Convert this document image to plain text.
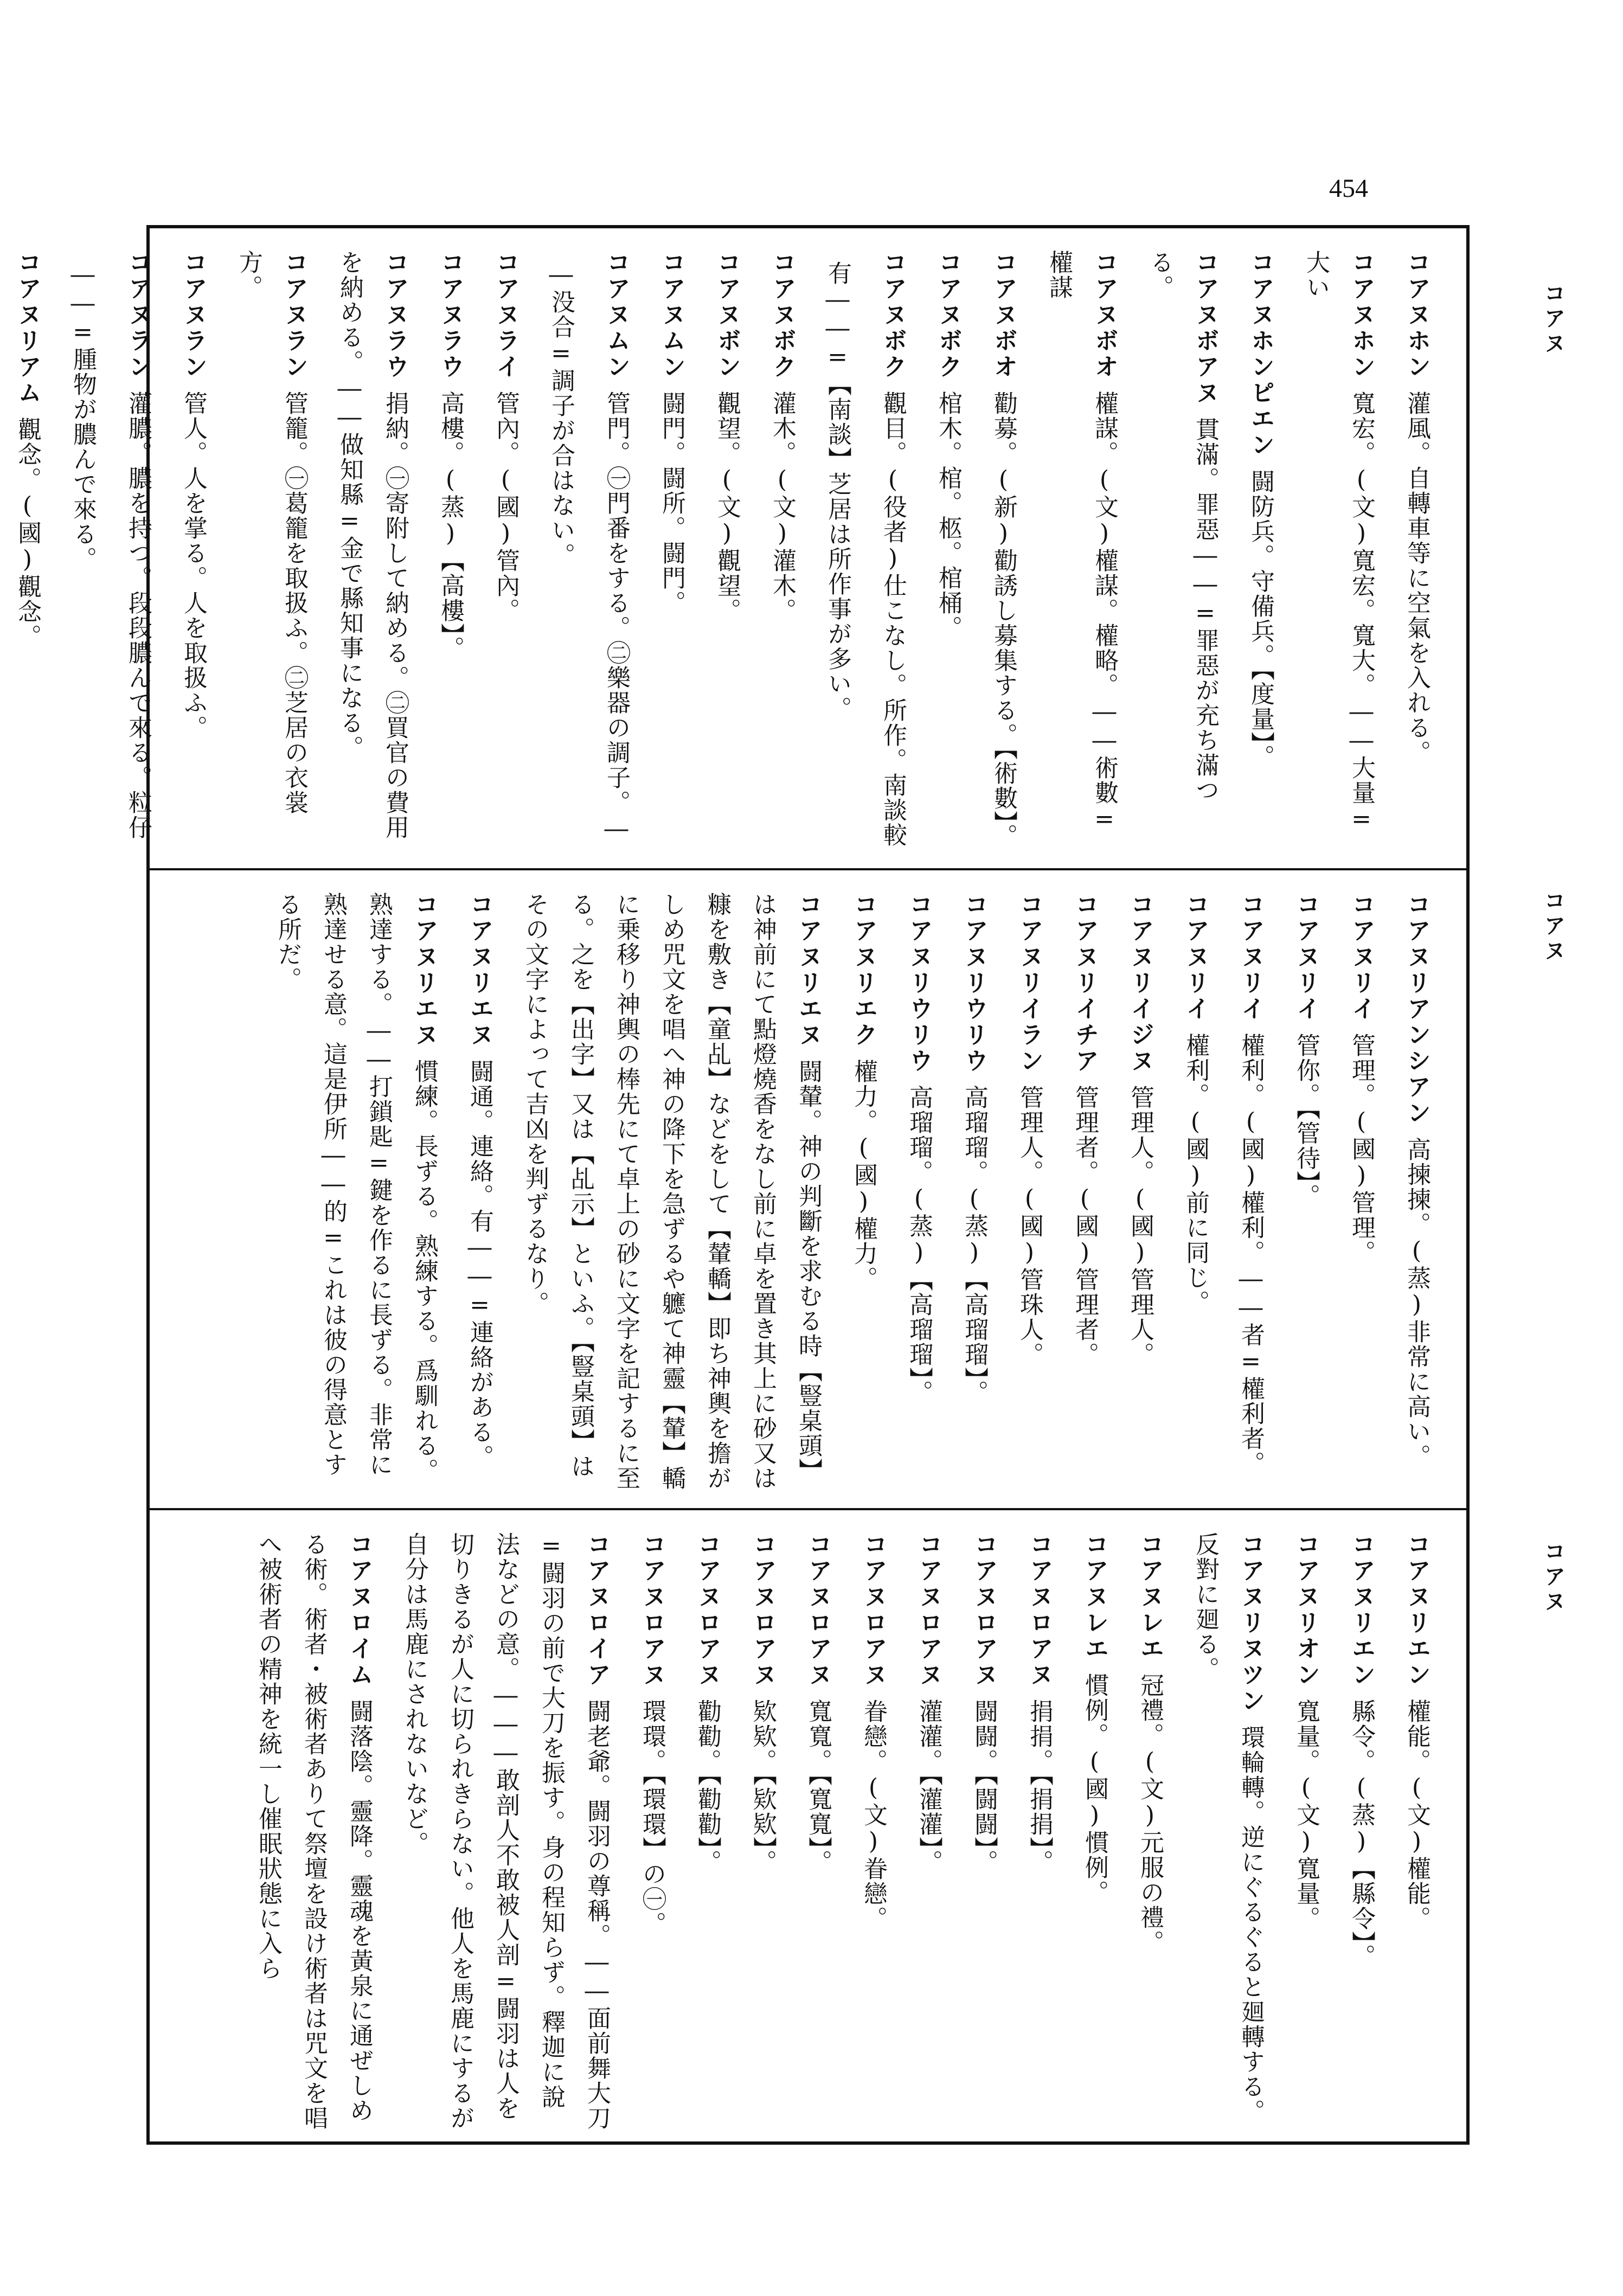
454
コアヌ
コアヌ
コアヌ
コアヌホン灌風。自轉車等に空氣を入れる。
コアヌホン寬宏。(文)寬宏。寬大。――大量=大い
コアヌホンピエン闘防兵。守備兵。【度量】。
コアヌボアヌ貫滿。罪惡――=罪惡が充ち滿つる。
コアヌボオ權謀。(文)權謀。權略。――術數=權謀
コアヌボオ勸募。(新)勸誘し募集する。【術數】。
コアヌボク棺木。棺。柩。棺桶。
コアヌボク觀目。(役者)仕こなし。所作。南談較
有――=【南談】芝居は所作事が多い。
コアヌボク灌木。(文)灌木。
コアヌボン觀望。(文)觀望。
コアヌムン闘門。闘所。闘門。
コアヌムン管門。㊀門番をする。㊁樂器の調子。―
―没合=調子が合はない。
コアヌライ管內。(國)管內。
コアヌラウ高樓。(蒸)【高樓】。
コアヌラウ捐納。㊀寄附して納める。㊁買官の費用を納める。――做知縣=金で縣知事になる。
コアヌラン管籠。㊀葛籠を取扱ふ。㊁芝居の衣裳方。
コアヌラン管人。人を掌る。人を取扱ふ。
コアヌラン灌膿。膿を持つ。段段膿んで來る。粒仔
――=腫物が膿んで來る。
コアヌリアム觀念。(國)觀念。
コアヌリアンシアン高揀揀。(蒸)非常に高い。
コアヌリイ管理。(國)管理。
コアヌリイ管你。【管待】。
コアヌリイ權利。(國)權利。――者=權利者。
コアヌリイ權利。(國)前に同じ。
コアヌリイジヌ管理人。(國)管理人。
コアヌリイチア管理者。(國)管理者。
コアヌリイラン管理人。(國)管珠人。
コアヌリウリウ高瑠瑠。(蒸)【高瑠瑠】。
コアヌリウリウ高瑠瑠。(蒸)【高瑠瑠】。
コアヌリエク權力。(國)權力。
コアヌリエヌ闘輦。神の判斷を求むる時【豎桌頭】は神前にて點燈燒香をなし前に卓を置き其上に砂又は糠を敷き【童乩】などをして【輦轎】即ち神輿を擔がしめ咒文を唱へ神の降下を急ずるや軈て神靈【輦】轎に乗移り神輿の棒先にて卓上の砂に文字を記するに至る。之を【出字】又は【乩示】といふ。【豎桌頭】はその文字によって吉凶を判ずるなり。
コアヌリエヌ闘通。連絡。有――=連絡がある。
コアヌリエヌ慣練。長ずる。熟練する。爲馴れる。熟達する。――打鎖匙=鍵を作るに長ずる。非常に熟達せる意。這是伊所――的=これは彼の得意とする所だ。
コアヌリエン權能。(文)權能。
コアヌリエン縣令。(蒸)【縣令】。
コアヌリオン寬量。(文)寬量。
コアヌリヌツン環輪轉。逆にぐるぐると廻轉する。反對に廻る。
コアヌレエ冠禮。(文)元服の禮。
コアヌレエ慣例。(國)慣例。
コアヌロアヌ捐捐。【捐捐】。
コアヌロアヌ闘闘。【闘闘】。
コアヌロアヌ灌灌。【灌灌】。
コアヌロアヌ眷戀。(文)眷戀。
コアヌロアヌ寬寬。【寬寬】。
コアヌロアヌ欵欵。【欵欵】。
コアヌロアヌ勸勸。【勸勸】。
コアヌロアヌ環環。【環環】の㊀。
コアヌロイア闘老爺。闘羽の尊稱。――面前舞大刀=闘羽の前で大刀を振す。身の程知らず。釋迦に說法などの意。―――敢剖人不敢被人剖=闘羽は人を切りきるが人に切られきらない。他人を馬鹿にするが自分は馬鹿にされないなど。
コアヌロイム闘落陰。靈降。靈魂を黃泉に通ぜしめる術。術者・被術者ありて祭壇を設け術者は咒文を唱へ被術者の精神を統一し催眠狀態に入ら
